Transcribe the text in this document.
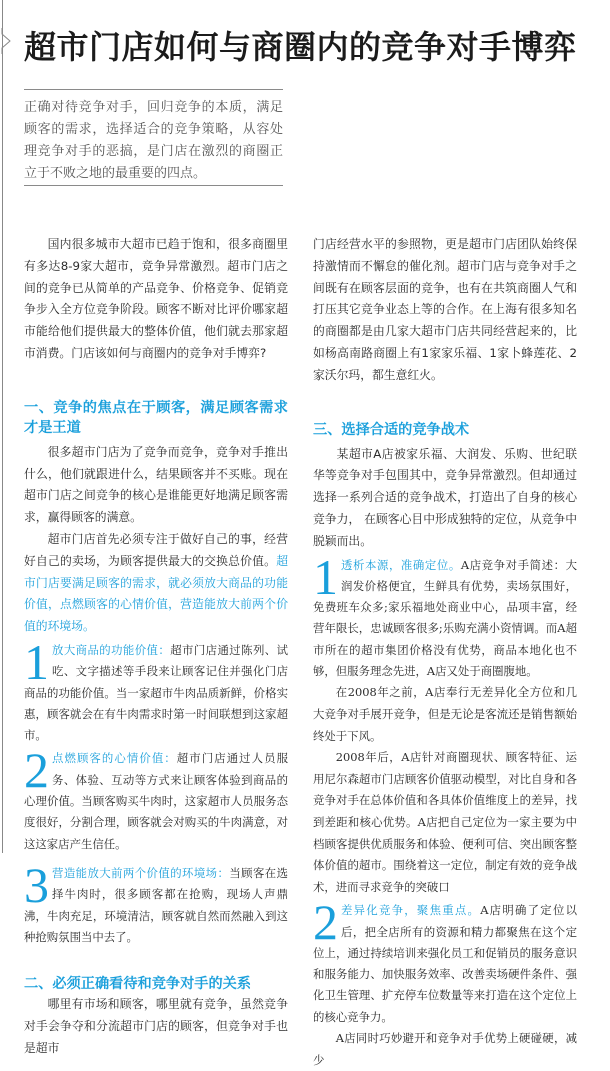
超市门店如何与商圈内的竞争对手博弈
正确对待竞争对手，回归竞争的本质，满足顾客的需求，选择适合的竞争策略，从容处理竞争对手的恶搞，是门店在激烈的商圈正立于不败之地的最重要的四点。

国内很多城市大超市已趋于饱和，很多商圈里有多达8-9家大超市，竞争异常激烈。超市门店之间的竞争已从简单的产品竞争、价格竞争、促销竞争步入全方位竞争阶段。顾客不断对比评价哪家超市能给他们提供最大的整体价值，他们就去那家超市消费。门店该如何与商圈内的竞争对手博弈?

一、竞争的焦点在于顾客，满足顾客需求才是王道

很多超市门店为了竞争而竞争，竞争对手推出什么，他们就跟进什么，结果顾客并不买账。现在超市门店之间竞争的核心是谁能更好地满足顾客需求，赢得顾客的满意。

超市门店首先必须专注于做好自己的事，经营好自己的卖场，为顾客提供最大的交换总价值。超市门店要满足顾客的需求，就必须放大商品的功能价值，点燃顾客的心情价值，营造能放大前两个价值的环境场。

1 放大商品的功能价值：超市门店通过陈列、试吃、文字描述等手段来让顾客记住并强化门店商品的功能价值。当一家超市牛肉品质新鲜，价格实惠，顾客就会在有牛肉需求时第一时间联想到这家超市。
2 点燃顾客的心情价值：超市门店通过人员服务、体验、互动等方式来让顾客体验到商品的心理价值。当顾客购买牛肉时，这家超市人员服务态度很好，分割合理，顾客就会对购买的牛肉满意，对这这家店产生信任。
3 营造能放大前两个价值的环境场：当顾客在选择牛肉时，很多顾客都在抢购，现场人声鼎沸，牛肉充足，环境清洁，顾客就自然而然融入到这种抢购氛围当中去了。
二、必须正确看待和竞争对手的关系

哪里有市场和顾客，哪里就有竞争，虽然竞争对手会争夺和分流超市门店的顾客，但竞争对手也是超市

门店经营水平的参照物，更是超市门店团队始终保持激情而不懈怠的催化剂。超市门店与竞争对手之间既有在顾客层面的竞争，也有在共筑商圈人气和打压其它竞争业态上等的合作。在上海有很多知名的商圈都是由几家大超市门店共同经营起来的，比如杨高南路商圈上有1家家乐福、1家卜蜂莲花、2家沃尔玛，都生意红火。

三、选择合适的竞争战术

某超市A店被家乐福、大润发、乐购、世纪联华等竞争对手包围其中，竞争异常激烈。但却通过选择一系列合适的竞争战术，打造出了自身的核心竞争力， 在顾客心目中形成独特的定位，从竞争中脱颖而出。

1 透析本源，准确定位。A店竞争对手简述：大润发价格便宜，生鲜具有优势，卖场氛围好，免费班车众多;家乐福地处商业中心，品项丰富，经营年限长，忠诚顾客很多;乐购充满小资情调。而A超市所在的超市集团价格没有优势，商品本地化也不够，但服务理念先进，A店又处于商圈腹地。

在2008年之前，A店奉行无差异化全方位和几大竞争对手展开竞争，但是无论是客流还是销售额始终处于下风。

2008年后，A店针对商圈现状、顾客特征、运用尼尔森超市门店顾客价值驱动模型，对比自身和各竞争对手在总体价值和各具体价值维度上的差异，找到差距和核心优势。A店把自己定位为一家主要为中档顾客提供优质服务和体验、便利可信、突出顾客整体价值的超市。围绕着这一定位，制定有效的竞争战术，进而寻求竞争的突破口

2 差异化竞争，聚焦重点。A店明确了定位以后，把全店所有的资源和精力都聚焦在这个定位上，通过持续培训来强化员工和促销员的服务意识和服务能力、加快服务效率、改善卖场硬件条件、强化卫生管理、扩充停车位数量等来打造在这个定位上的核心竞争力。

A店同时巧妙避开和竞争对手优势上硬碰硬，减少
